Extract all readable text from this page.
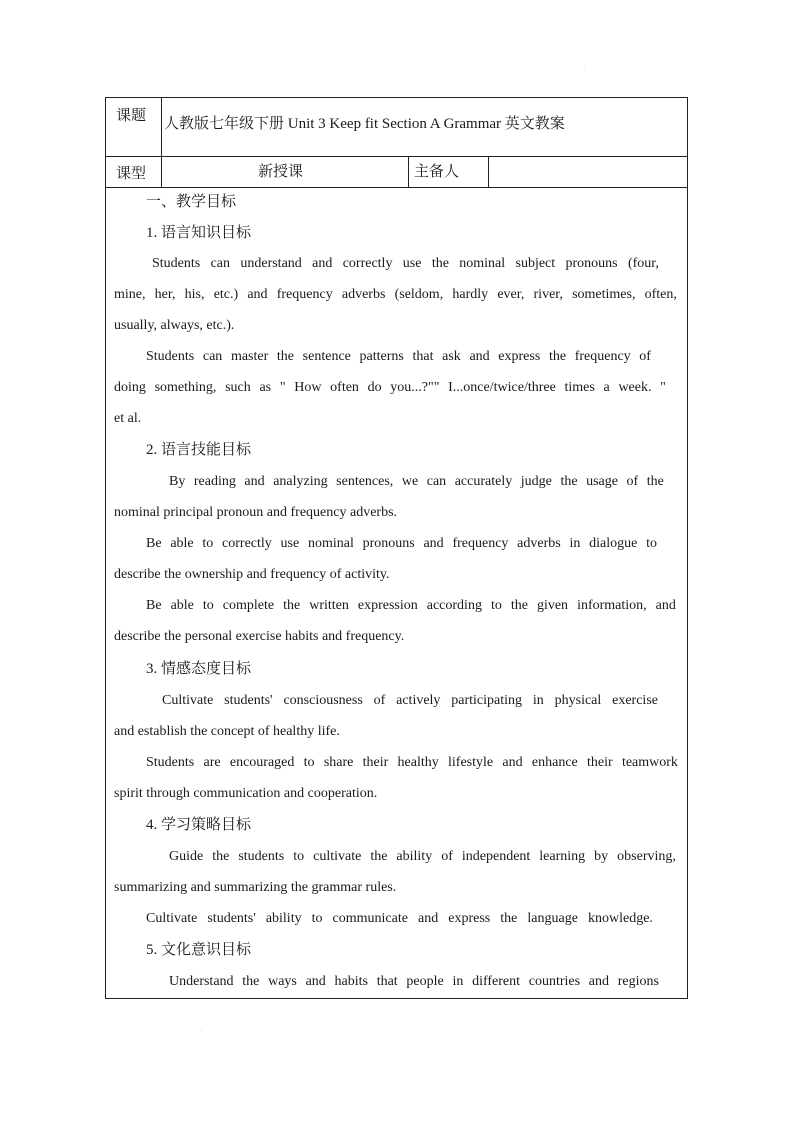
·
·
课题 人教版七年级下册 Unit 3 Keep fit Section A Grammar 英文教案
课型	新授课	主备人
一、教学目标
1. 语言知识目标
Students can understand and correctly use the nominal subject pronouns (four,
mine, her, his, etc.) and frequency adverbs (seldom, hardly ever, river, sometimes, often,
usually, always, etc.).
Students can master the sentence patterns that ask and express the frequency of
doing something, such as " How often do you...?"" I...once/twice/three times a week. "
et al.
2. 语言技能目标
By reading and analyzing sentences, we can accurately judge the usage of the
nominal principal pronoun and frequency adverbs.
Be able to correctly use nominal pronouns and frequency adverbs in dialogue to
describe the ownership and frequency of activity.
Be able to complete the written expression according to the given information, and
describe the personal exercise habits and frequency.
3. 情感态度目标
Cultivate students' consciousness of actively participating in physical exercise
and establish the concept of healthy life.
Students are encouraged to share their healthy lifestyle and enhance their teamwork
spirit through communication and cooperation.
4. 学习策略目标
Guide the students to cultivate the ability of independent learning by observing,
summarizing and summarizing the grammar rules.
Cultivate students' ability to communicate and express the language knowledge.
5. 文化意识目标
Understand the ways and habits that people in different countries and regions
